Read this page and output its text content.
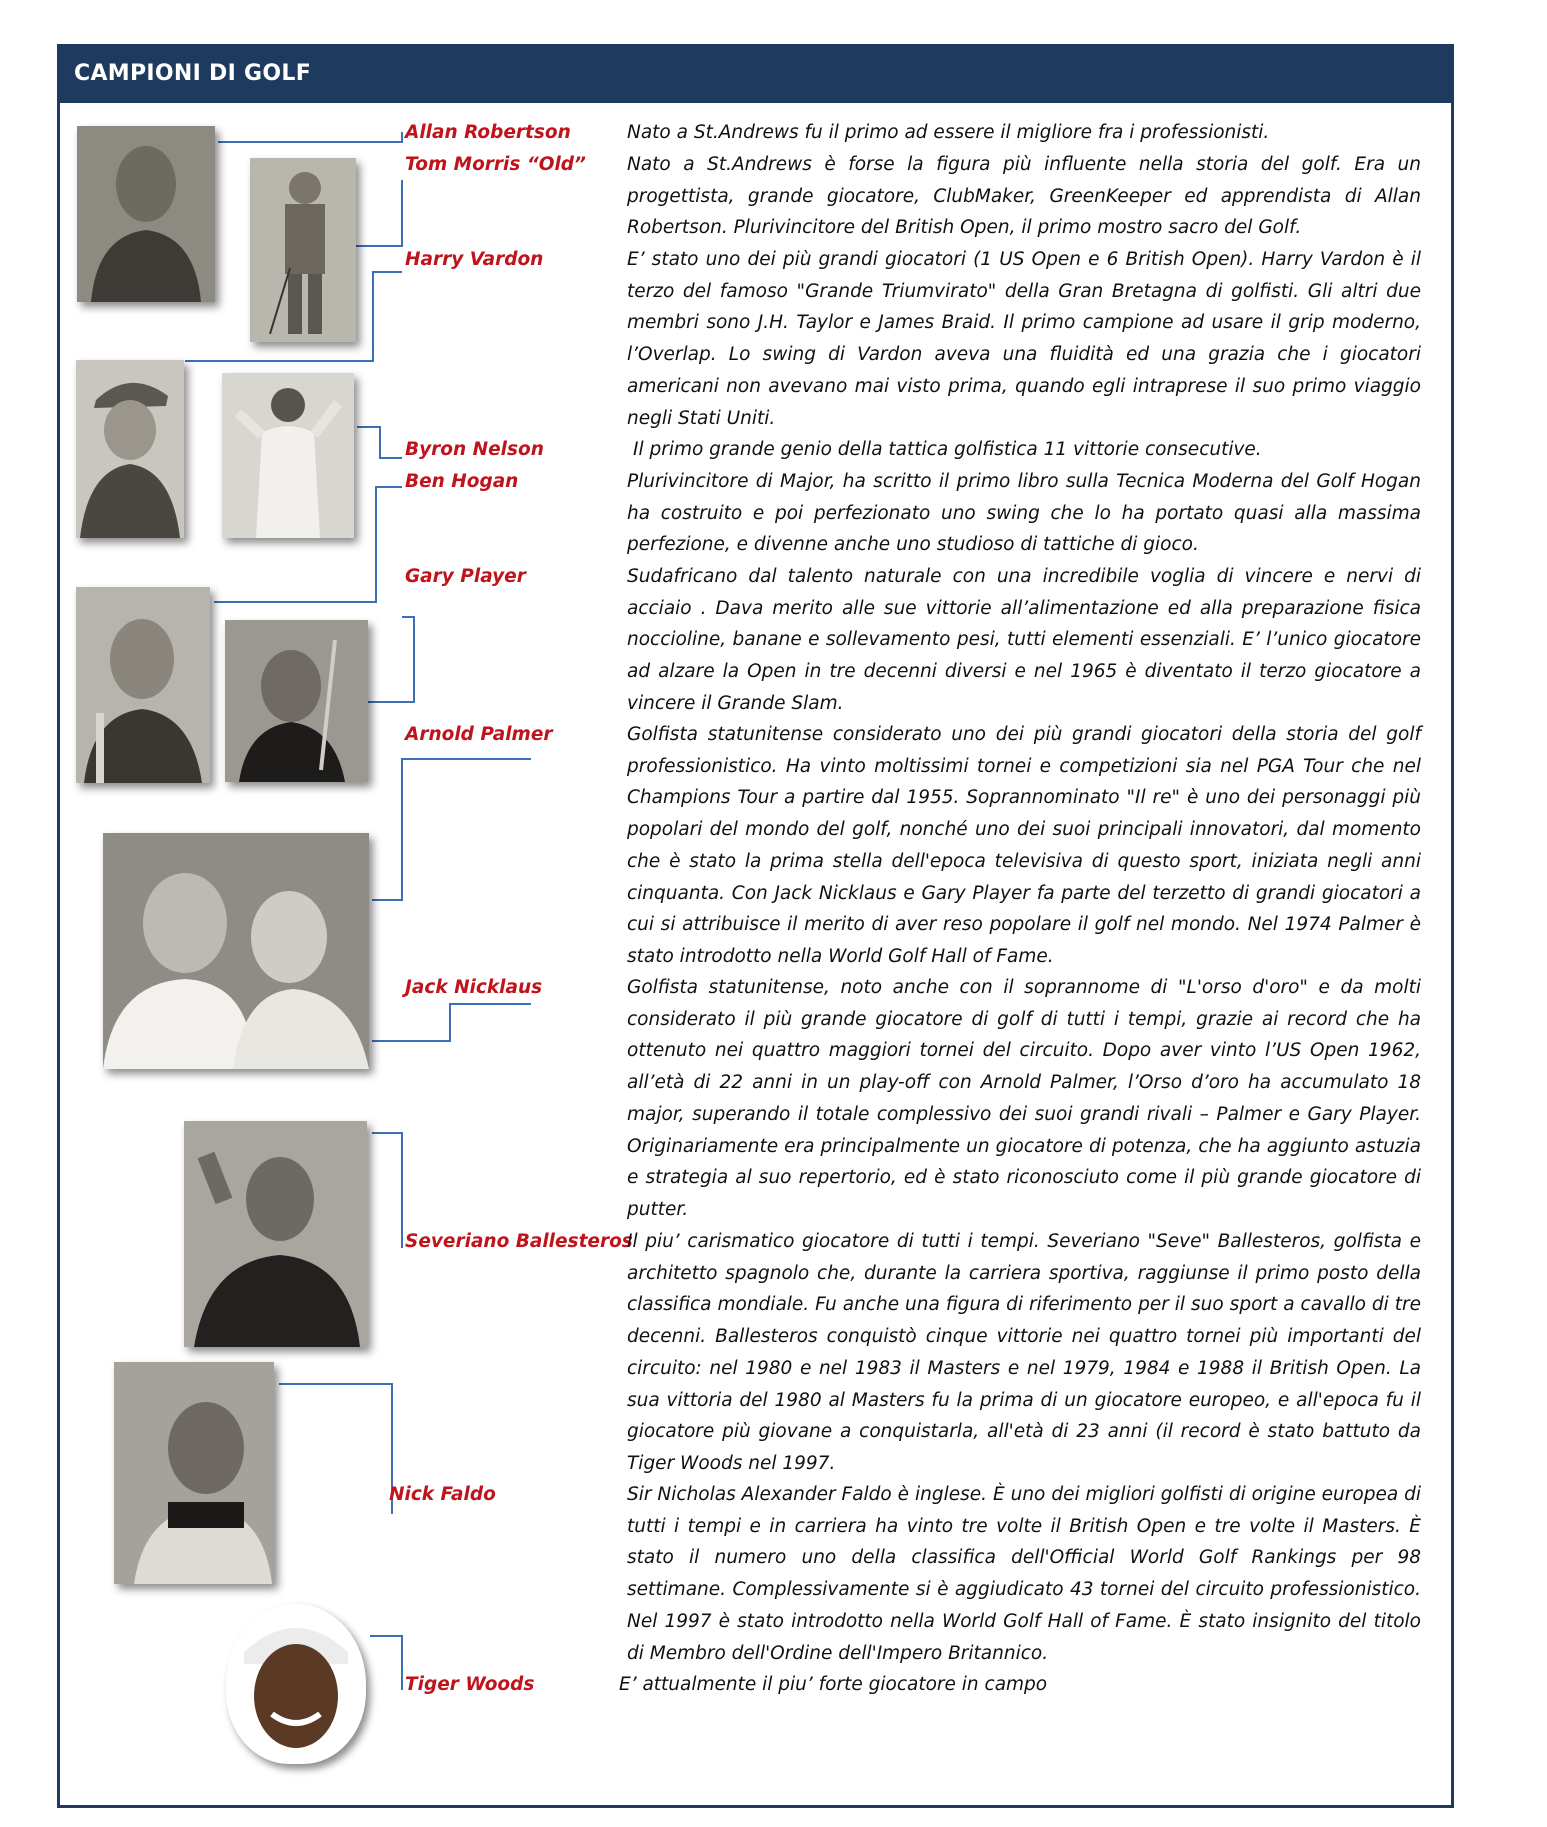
CAMPIONI DI GOLF
Allan Robertson
Tom Morris “Old”
Harry Vardon
Byron Nelson
Ben Hogan
Gary Player
Arnold Palmer
Jack Nicklaus
Severiano Ballesteros
Nick Faldo
Tiger Woods

Nato a St.Andrews fu il primo ad essere il migliore fra i professionisti.

Nato a St.Andrews è forse la figura più influente nella storia del golf. Era un progettista, grande giocatore, ClubMaker, GreenKeeper ed apprendista di Allan Robertson. Plurivincitore del British Open, il primo mostro sacro del Golf.

E’ stato uno dei più grandi giocatori (1 US Open e 6 British Open). Harry Vardon è il terzo del famoso "Grande Triumvirato" della Gran Bretagna di golfisti. Gli altri due membri sono J.H. Taylor e James Braid. Il primo campione ad usare il grip moderno, l’Overlap. Lo swing di Vardon aveva una fluidità ed una grazia che i giocatori americani non avevano mai visto prima, quando egli intraprese il suo primo viaggio negli Stati Uniti.

Il primo grande genio della tattica golfistica 11 vittorie consecutive.

Plurivincitore di Major, ha scritto il primo libro sulla Tecnica Moderna del Golf Hogan ha costruito e poi perfezionato uno swing che lo ha portato quasi alla massima perfezione, e divenne anche uno studioso di tattiche di gioco.

Sudafricano dal talento naturale con una incredibile voglia di vincere e nervi di acciaio . Dava merito alle sue vittorie all’alimentazione ed alla preparazione fisica noccioline, banane e sollevamento pesi, tutti elementi essenziali. E’ l’unico giocatore ad alzare la Open in tre decenni diversi e nel 1965 è diventato il terzo giocatore a vincere il Grande Slam.

Golfista statunitense considerato uno dei più grandi giocatori della storia del golf professionistico. Ha vinto moltissimi tornei e competizioni sia nel PGA Tour che nel Champions Tour a partire dal 1955. Soprannominato "Il re" è uno dei personaggi più popolari del mondo del golf, nonché uno dei suoi principali innovatori, dal momento che è stato la prima stella dell'epoca televisiva di questo sport, iniziata negli anni cinquanta. Con Jack Nicklaus e Gary Player fa parte del terzetto di grandi giocatori a cui si attribuisce il merito di aver reso popolare il golf nel mondo. Nel 1974 Palmer è stato introdotto nella World Golf Hall of Fame.

Golfista statunitense, noto anche con il soprannome di "L'orso d'oro" e da molti considerato il più grande giocatore di golf di tutti i tempi, grazie ai record che ha ottenuto nei quattro maggiori tornei del circuito. Dopo aver vinto l’US Open 1962, all’età di 22 anni in un play-off con Arnold Palmer, l’Orso d’oro ha accumulato 18 major, superando il totale complessivo dei suoi grandi rivali – Palmer e Gary Player. Originariamente era principalmente un giocatore di potenza, che ha aggiunto astuzia e strategia al suo repertorio, ed è stato riconosciuto come il più grande giocatore di putter.

Il piu’ carismatico giocatore di tutti i tempi. Severiano "Seve" Ballesteros, golfista e architetto spagnolo che, durante la carriera sportiva, raggiunse il primo posto della classifica mondiale. Fu anche una figura di riferimento per il suo sport a cavallo di tre decenni. Ballesteros conquistò cinque vittorie nei quattro tornei più importanti del circuito: nel 1980 e nel 1983 il Masters e nel 1979, 1984 e 1988 il British Open. La sua vittoria del 1980 al Masters fu la prima di un giocatore europeo, e all'epoca fu il giocatore più giovane a conquistarla, all'età di 23 anni (il record è stato battuto da Tiger Woods nel 1997.

Sir Nicholas Alexander Faldo è inglese. È uno dei migliori golfisti di origine europea di tutti i tempi e in carriera ha vinto tre volte il British Open e tre volte il Masters. È stato il numero uno della classifica dell'Official World Golf Rankings per 98 settimane. Complessivamente si è aggiudicato 43 tornei del circuito professionistico. Nel 1997 è stato introdotto nella World Golf Hall of Fame. È stato insignito del titolo di Membro dell'Ordine dell'Impero Britannico.

E’ attualmente il piu’ forte giocatore in campo
